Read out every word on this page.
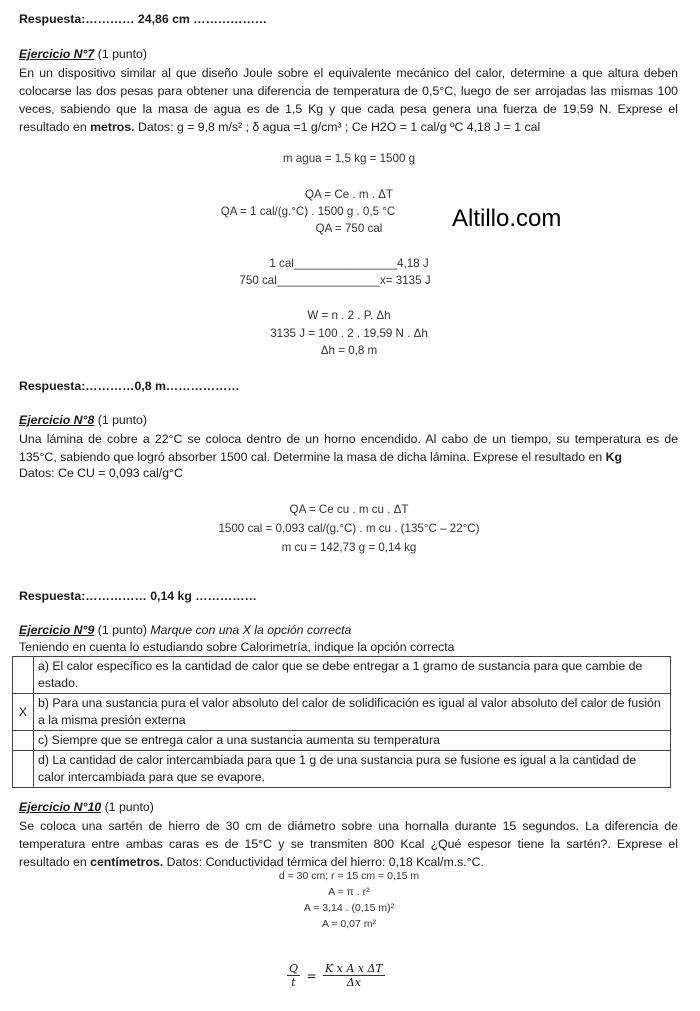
Respuesta:………… 24,86 cm ………………

Ejercicio N°7 (1 punto)

En un dispositivo similar al que diseño Joule sobre el equivalente mecánico del calor, determine a que altura deben colocarse las dos pesas para obtener una diferencia de temperatura de 0,5°C, luego de ser arrojadas las mismas 100 veces, sabiendo que la masa de agua es de 1,5 Kg y que cada pesa genera una fuerza de 19,59 N. Exprese el resultado en metros. Datos: g = 9,8 m/s² ; δ agua =1 g/cm³ ; Ce H2O = 1 cal/g ºC 4,18 J = 1 cal

m agua = 1,5 kg = 1500 g

QA = Ce . m . ΔT

QA = 1 cal/(g.°C) . 1500 g . 0,5 °C

QA = 750 cal

1 cal________________4,18 J

750 cal________________x= 3135 J

W = n . 2 . P. Δh

3135 J = 100 . 2 . 19,59 N . Δh

Δh = 0,8 m

Respuesta:…………0,8 m………………

Ejercicio N°8 (1 punto)

Una lámina de cobre a 22°C se coloca dentro de un horno encendido. Al cabo de un tiempo, su temperatura es de 135°C, sabiendo que logró absorber 1500 cal. Determine la masa de dicha lámina. Exprese el resultado en Kg

Datos: Ce CU = 0,093 cal/g°C

QA = Ce cu . m cu . ΔT

1500 cal = 0,093 cal/(g.°C) . m cu . (135°C – 22°C)

m cu = 142,73 g = 0,14 kg

Respuesta:…………… 0,14 kg ……………

Ejercicio N°9 (1 punto) Marque con una X la opción correcta

Teniendo en cuenta lo estudiando sobre Calorimetría, indique la opción correcta

	a) El calor específico es la cantidad de calor que se debe entregar a 1 gramo de sustancia para que cambie de estado.
X	b) Para una sustancia pura el valor absoluto del calor de solidificación es igual al valor absoluto del calor de fusión a la misma presión externa
	c) Siempre que se entrega calor a una sustancia aumenta su temperatura
	d) La cantidad de calor intercambiada para que 1 g de una sustancia pura se fusione es igual a la cantidad de calor intercambiada para que se evapore.

Ejercicio N°10 (1 punto)

Se coloca una sartén de hierro de 30 cm de diámetro sobre una hornalla durante 15 segundos. La diferencia de temperatura entre ambas caras es de 15°C y se transmiten 800 Kcal ¿Qué espesor tiene la sartén?. Exprese el resultado en centímetros. Datos: Conductividad térmica del hierro: 0,18 Kcal/m.s.°C.

d = 30 cm; r = 15 cm = 0,15 m

A = π . r²

A = 3,14 . (0,15 m)²

A = 0,07 m²

$\frac{Q}{t} = \frac{\text{K x A x ΔT}}{\Delta x}$
Altillo.com
